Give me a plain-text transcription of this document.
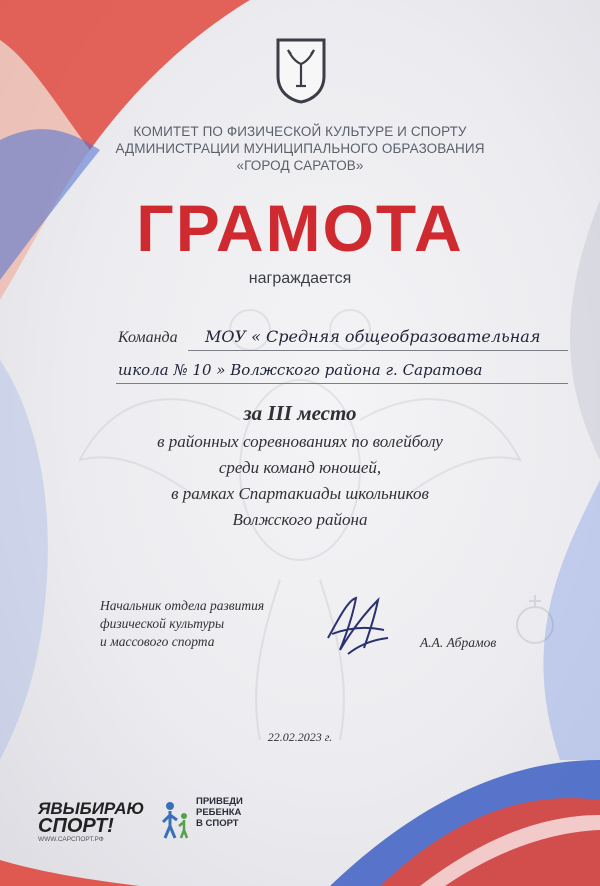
КОМИТЕТ ПО ФИЗИЧЕСКОЙ КУЛЬТУРЕ И СПОРТУ
АДМИНИСТРАЦИИ МУНИЦИПАЛЬНОГО ОБРАЗОВАНИЯ
«ГОРОД САРАТОВ»
ГРАМОТА
награждается
Команда МОУ « Средняя общеобразовательная
школа № 10 » Волжского района г. Саратова
за III место
в районных соревнованиях по волейболу
среди команд юношей,
в рамках Спартакиады школьников
Волжского района
Начальник отдела развития
физической культуры
и массового спорта	А.А. Абрамов
22.02.2023 г.
ЯВЫБИРАЮ
СПОРТ!
WWW.САРСПОРТ.РФ
ПРИВЕДИ
РЕБЕНКА
В СПОРТ
